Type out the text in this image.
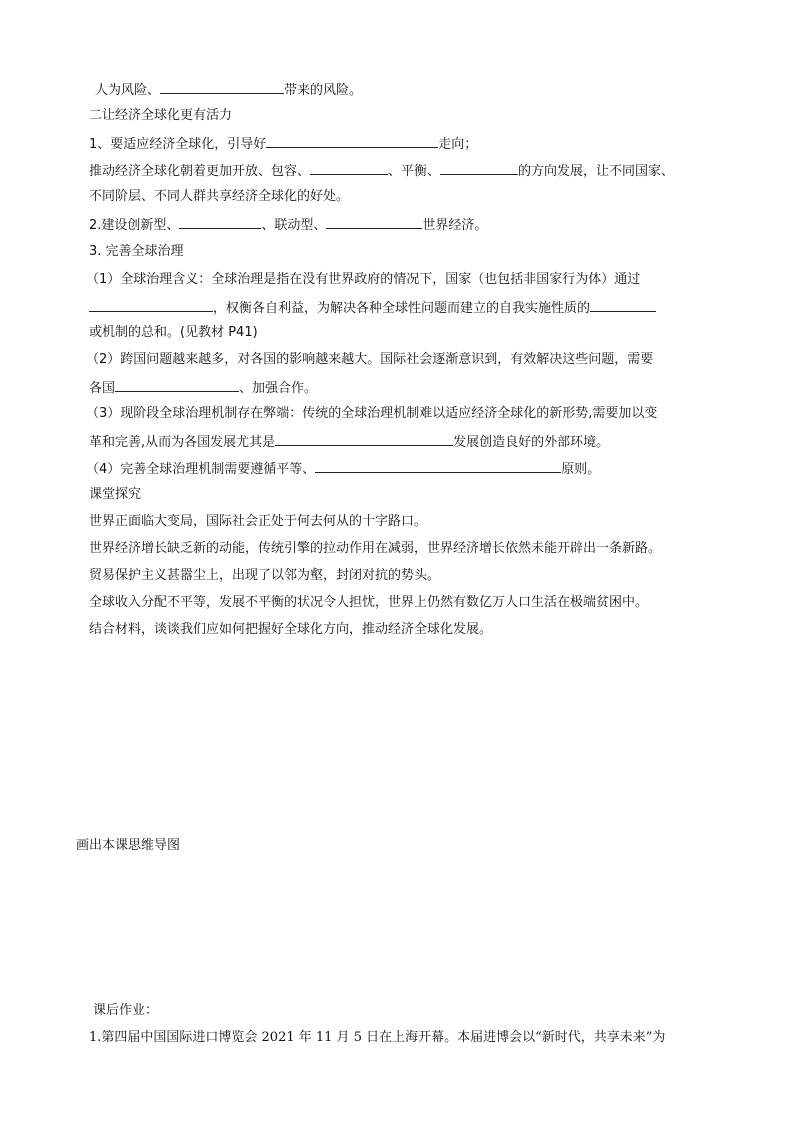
人为风险、	带来的风险。
二让经济全球化更有活力
1、要适应经济全球化，引导好	走向；
推动经济全球化朝着更加开放、包容、	、平衡、	的方向发展，让不同国家、
不同阶层、不同人群共享经济全球化的好处。
2.建设创新型、	、联动型、	世界经济。
3. 完善全球治理
（1）全球治理含义：全球治理是指在没有世界政府的情况下，国家（也包括非国家行为体）通过
，权衡各自利益，为解决各种全球性问题而建立的自我实施性质的
或机制的总和。(见教材 P41)
（2）跨国问题越来越多，对各国的影响越来越大。国际社会逐渐意识到，有效解决这些问题，需要
各国	、加强合作。
（3）现阶段全球治理机制存在弊端：传统的全球治理机制难以适应经济全球化的新形势,需要加以变
革和完善,从而为各国发展尤其是	发展创造良好的外部环境。
（4）完善全球治理机制需要遵循平等、	原则。
课堂探究
世界正面临大变局，国际社会正处于何去何从的十字路口。
世界经济增长缺乏新的动能，传统引擎的拉动作用在减弱，世界经济增长依然未能开辟出一条新路。
贸易保护主义甚嚣尘上，出现了以邻为壑，封闭对抗的势头。
全球收入分配不平等，发展不平衡的状况令人担忧，世界上仍然有数亿万人口生活在极端贫困中。
结合材料，谈谈我们应如何把握好全球化方向，推动经济全球化发展。
画出本课思维导图
课后作业：
1.第四届中国国际进口博览会 2021 年 11 月 5 日在上海开幕。本届进博会以“新时代，共享未来”为
